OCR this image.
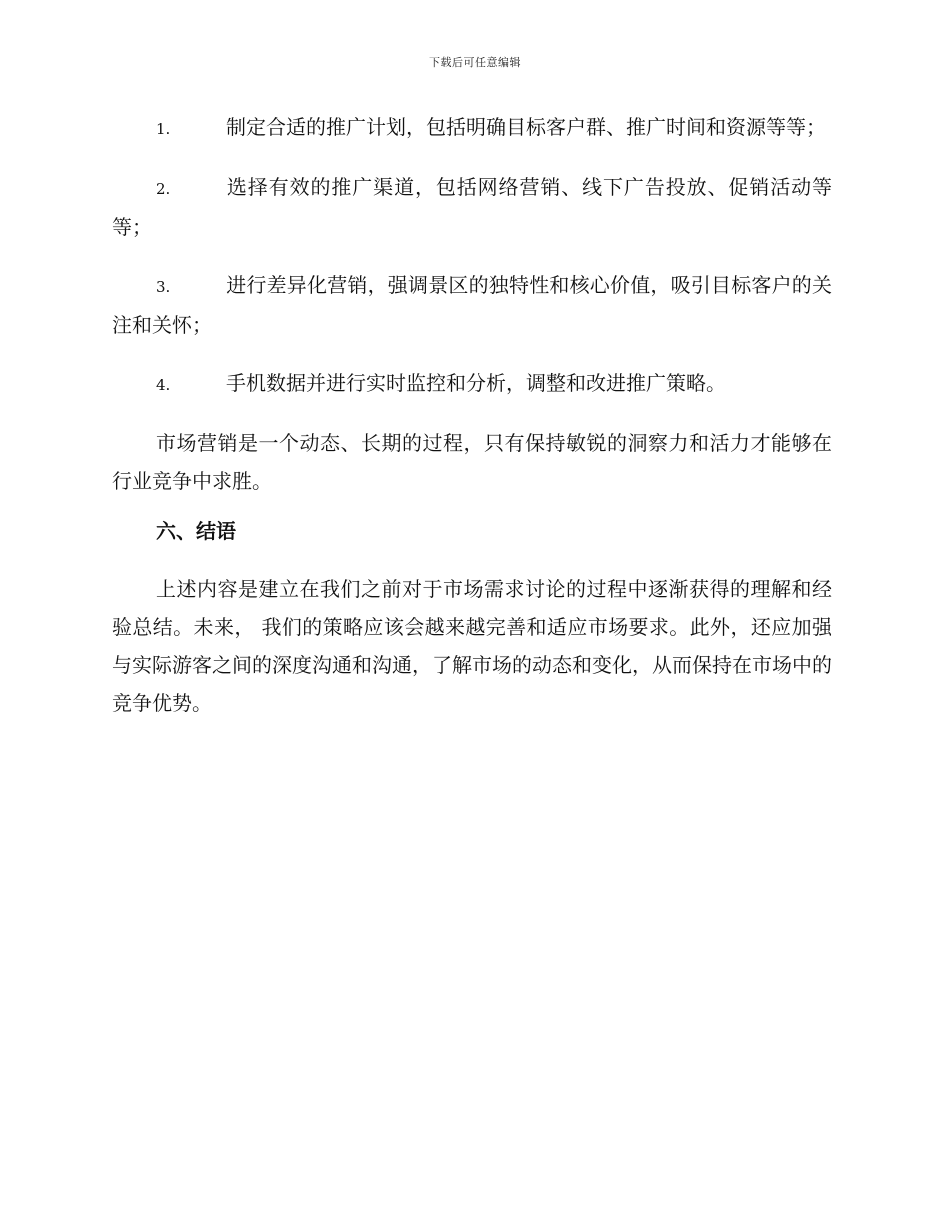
下载后可任意编辑
1.	制定合适的推广计划，包括明确目标客户群、推广时间和资源等等；
2.	选择有效的推广渠道，包括网络营销、线下广告投放、促销活动等等；
3.	进行差异化营销，强调景区的独特性和核心价值，吸引目标客户的关注和关怀；
4.	手机数据并进行实时监控和分析，调整和改进推广策略。

市场营销是一个动态、长期的过程，只有保持敏锐的洞察力和活力才能够在行业竞争中求胜。

六、结语

上述内容是建立在我们之前对于市场需求讨论的过程中逐渐获得的理解和经验总结。未来， 我们的策略应该会越来越完善和适应市场要求。此外，还应加强与实际游客之间的深度沟通和沟通，了解市场的动态和变化，从而保持在市场中的竞争优势。
